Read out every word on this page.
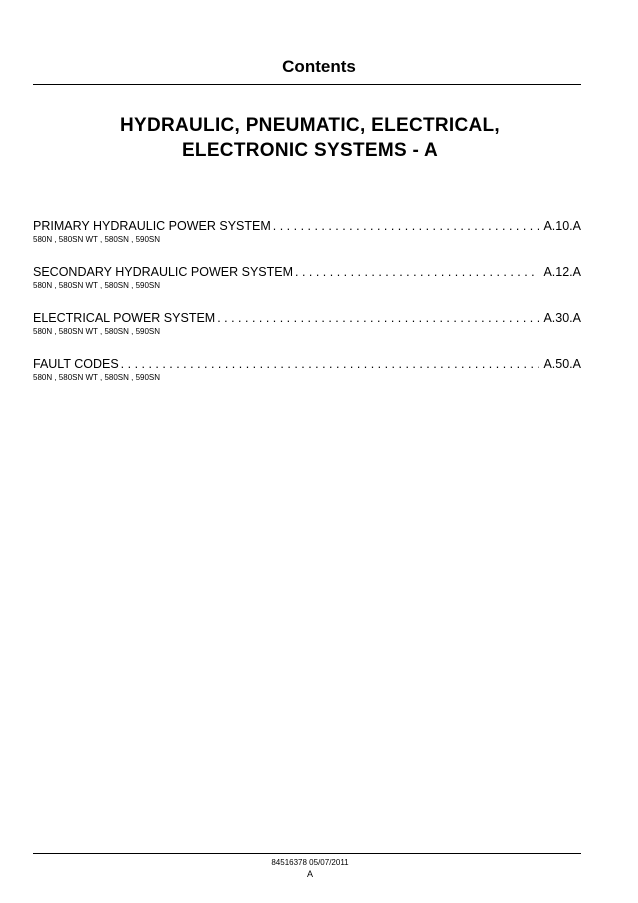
Contents
HYDRAULIC, PNEUMATIC, ELECTRICAL,
ELECTRONIC SYSTEMS - A
PRIMARY HYDRAULIC POWER SYSTEM . . .	A.10.A
580N , 580SN WT , 580SN , 590SN
SECONDARY HYDRAULIC POWER SYSTEM . . .	A.12.A
580N , 580SN WT , 580SN , 590SN
ELECTRICAL POWER SYSTEM . . .	A.30.A
580N , 580SN WT , 580SN , 590SN
FAULT CODES . . .	A.50.A
580N , 580SN WT , 580SN , 590SN
84516378 05/07/2011
A
